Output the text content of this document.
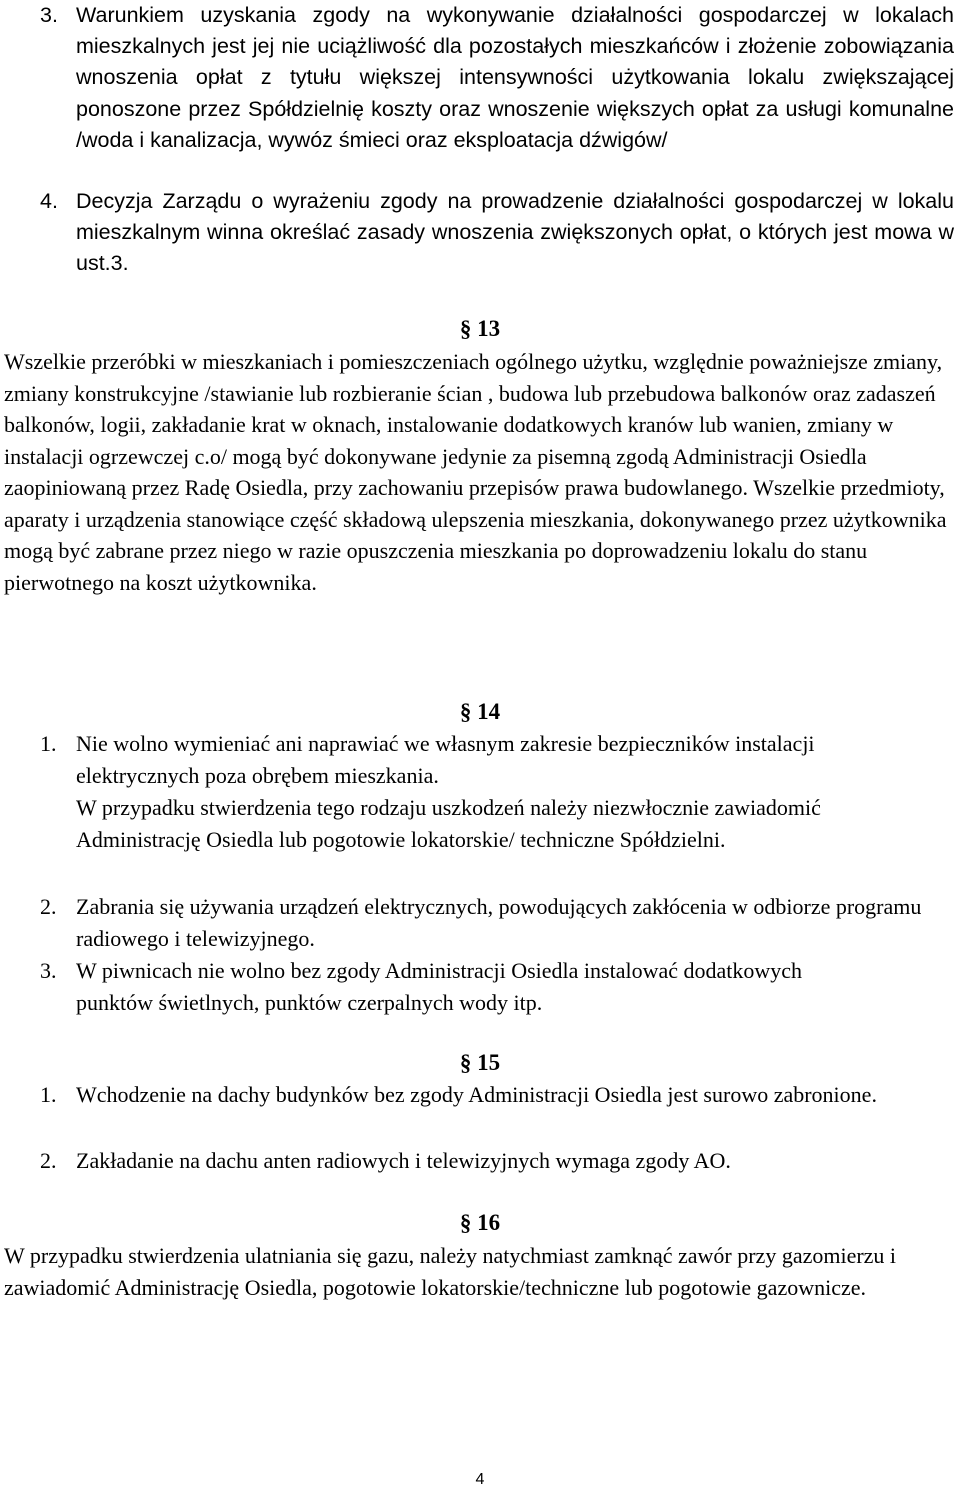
3. Warunkiem uzyskania zgody na wykonywanie działalności gospodarczej w lokalach mieszkalnych jest jej nie uciążliwość dla pozostałych mieszkańców i złożenie zobowiązania wnoszenia opłat z tytułu większej intensywności użytkowania lokalu zwiększającej ponoszone przez Spółdzielnię koszty oraz wnoszenie większych opłat za usługi komunalne /woda i kanalizacja, wywóz śmieci oraz eksploatacja dźwigów/

4. Decyzja Zarządu o wyrażeniu zgody na prowadzenie działalności gospodarczej w lokalu mieszkalnym winna określać zasady wnoszenia zwiększonych opłat, o których jest mowa w ust.3.

§ 13

Wszelkie przeróbki w mieszkaniach i pomieszczeniach ogólnego użytku, względnie poważniejsze zmiany, zmiany konstrukcyjne /stawianie lub rozbieranie ścian , budowa lub przebudowa balkonów oraz zadaszeń balkonów, logii, zakładanie krat w oknach, instalowanie dodatkowych kranów lub wanien, zmiany w instalacji ogrzewczej c.o/ mogą być dokonywane jedynie za pisemną zgodą Administracji Osiedla zaopiniowaną przez Radę Osiedla, przy zachowaniu przepisów prawa budowlanego. Wszelkie przedmioty, aparaty i urządzenia stanowiące część składową ulepszenia mieszkania, dokonywanego przez użytkownika mogą być zabrane przez niego w razie opuszczenia mieszkania po doprowadzeniu lokalu do stanu pierwotnego na koszt użytkownika.

§ 14
1. Nie wolno wymieniać ani naprawiać we własnym zakresie bezpieczników instalacji elektrycznych poza obrębem mieszkania.

W przypadku stwierdzenia tego rodzaju uszkodzeń należy niezwłocznie zawiadomić Administrację Osiedla lub pogotowie lokatorskie/ techniczne Spółdzielni.

2. Zabrania się używania urządzeń elektrycznych, powodujących zakłócenia w odbiorze programu radiowego i telewizyjnego.

3. W piwnicach nie wolno bez zgody Administracji Osiedla instalować dodatkowych punktów świetlnych, punktów czerpalnych wody itp.

§ 15
1. Wchodzenie na dachy budynków bez zgody Administracji Osiedla jest surowo zabronione.

2. Zakładanie na dachu anten radiowych i telewizyjnych wymaga zgody AO.

§ 16

W przypadku stwierdzenia ulatniania się gazu, należy natychmiast zamknąć zawór przy gazomierzu i zawiadomić Administrację Osiedla, pogotowie lokatorskie/techniczne lub pogotowie gazownicze.

4
